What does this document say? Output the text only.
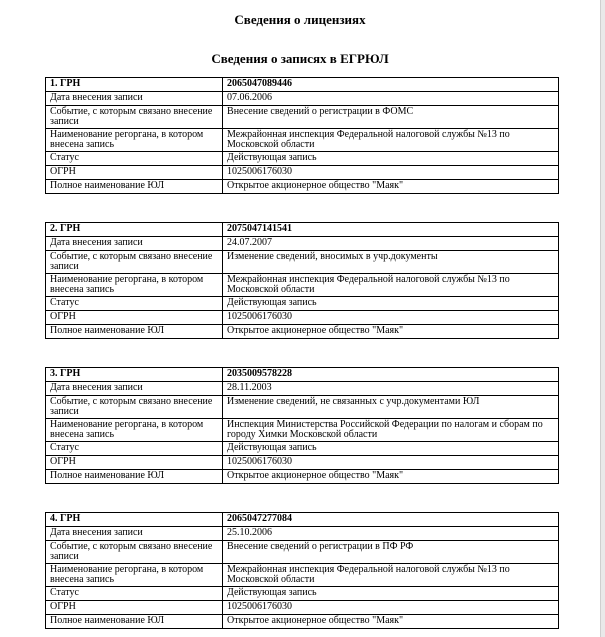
Сведения о лицензиях
Сведения о записях в ЕГРЮЛ
1. ГРН	2065047089446
Дата внесения записи	07.06.2006
Событие, с которым связано внесение записи	Внесение сведений о регистрации в ФОМС
Наименование регоргана, в котором внесена запись	Межрайонная инспекция Федеральной налоговой службы №13 по Московской области
Статус	Действующая запись
ОГРН	1025006176030
Полное наименование ЮЛ	Открытое акционерное общество "Маяк"
2. ГРН	2075047141541
Дата внесения записи	24.07.2007
Событие, с которым связано внесение записи	Изменение сведений, вносимых в учр.документы
Наименование регоргана, в котором внесена запись	Межрайонная инспекция Федеральной налоговой службы №13 по Московской области
Статус	Действующая запись
ОГРН	1025006176030
Полное наименование ЮЛ	Открытое акционерное общество "Маяк"
3. ГРН	2035009578228
Дата внесения записи	28.11.2003
Событие, с которым связано внесение записи	Изменение сведений, не связанных с учр.документами ЮЛ
Наименование регоргана, в котором внесена запись	Инспекция Министерства Российской Федерации по налогам и сборам по городу Химки Московской области
Статус	Действующая запись
ОГРН	1025006176030
Полное наименование ЮЛ	Открытое акционерное общество "Маяк"
4. ГРН	2065047277084
Дата внесения записи	25.10.2006
Событие, с которым связано внесение записи	Внесение сведений о регистрации в ПФ РФ
Наименование регоргана, в котором внесена запись	Межрайонная инспекция Федеральной налоговой службы №13 по Московской области
Статус	Действующая запись
ОГРН	1025006176030
Полное наименование ЮЛ	Открытое акционерное общество "Маяк"
